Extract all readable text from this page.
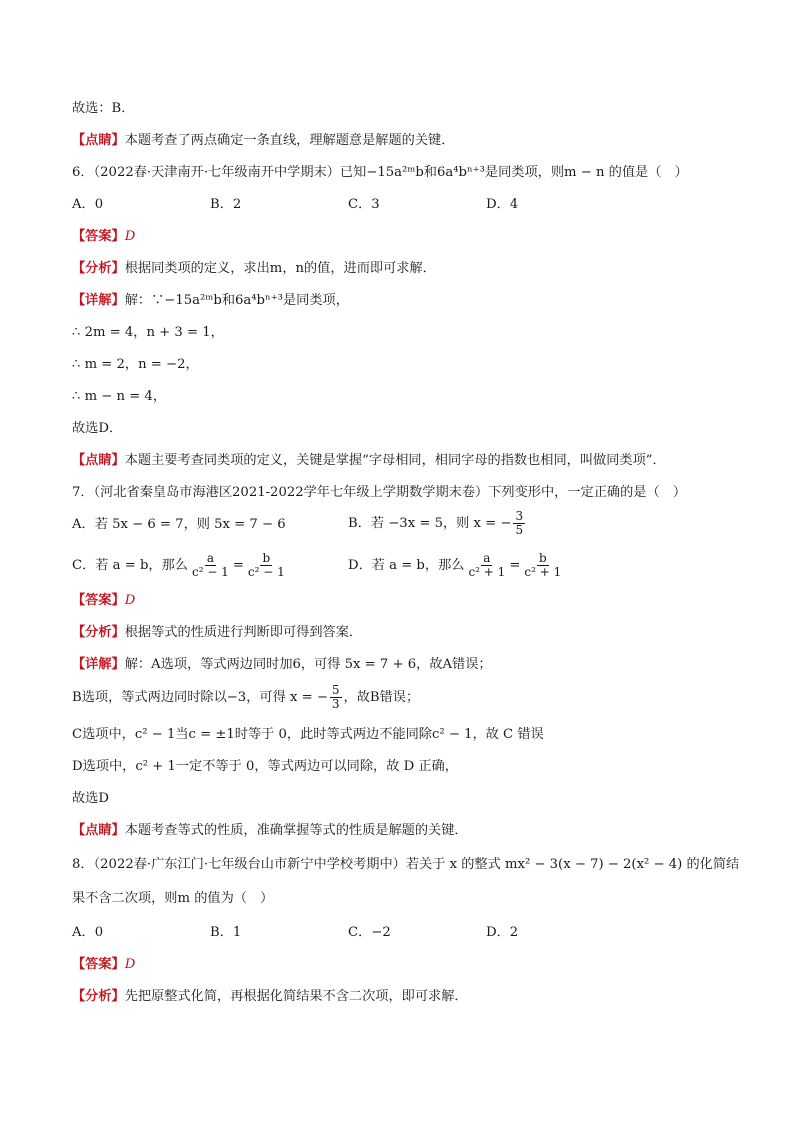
故选：B．
【点睛】本题考查了两点确定一条直线，理解题意是解题的关键．
6．（2022春·天津南开·七年级南开中学期末）已知−15a²ᵐb和6a⁴bⁿ⁺³是同类项，则m − n 的值是（　）
A．0	B．2	C．3	D．4
【答案】D
【分析】根据同类项的定义，求出m，n的值，进而即可求解．
【详解】解：∵−15a²ᵐb和6a⁴bⁿ⁺³是同类项，
∴ 2m = 4，n + 3 = 1，
∴ m = 2，n = −2，
∴ m − n = 4，
故选D．
【点睛】本题主要考查同类项的定义，关键是掌握“字母相同，相同字母的指数也相同，叫做同类项”．
7．（河北省秦皇岛市海港区2021-2022学年七年级上学期数学期末卷）下列变形中，一定正确的是（　）
A．若 5x − 6 = 7，则 5x = 7 − 6	B．若 −3x = 5，则 x = − $\frac{3}{5}$
C．若 a = b，那么 $\frac{a}{\text{c² − 1}} = \frac{b}{\text{c² − 1}}$	D．若 a = b，那么 $\frac{a}{\text{c² + 1}} = \frac{b}{\text{c² + 1}}$
【答案】D
【分析】根据等式的性质进行判断即可得到答案．
【详解】解：A选项，等式两边同时加6，可得 5x = 7 + 6，故A错误；
B选项，等式两边同时除以−3，可得 x = − $\frac{5}{3}$ ，故B错误；
C选项中，c² − 1当c = ±1时等于 0，此时等式两边不能同除c² − 1，故 C 错误
D选项中，c² + 1一定不等于 0，等式两边可以同除，故 D 正确，
故选D
【点睛】本题考查等式的性质，准确掌握等式的性质是解题的关键．
8．（2022春·广东江门·七年级台山市新宁中学校考期中）若关于 x 的整式 mx² − 3(x − 7) − 2(x² − 4) 的化简结
果不含二次项，则m 的值为（　）
A．0	B．1	C．−2	D．2
【答案】D
【分析】先把原整式化简，再根据化简结果不含二次项，即可求解．
